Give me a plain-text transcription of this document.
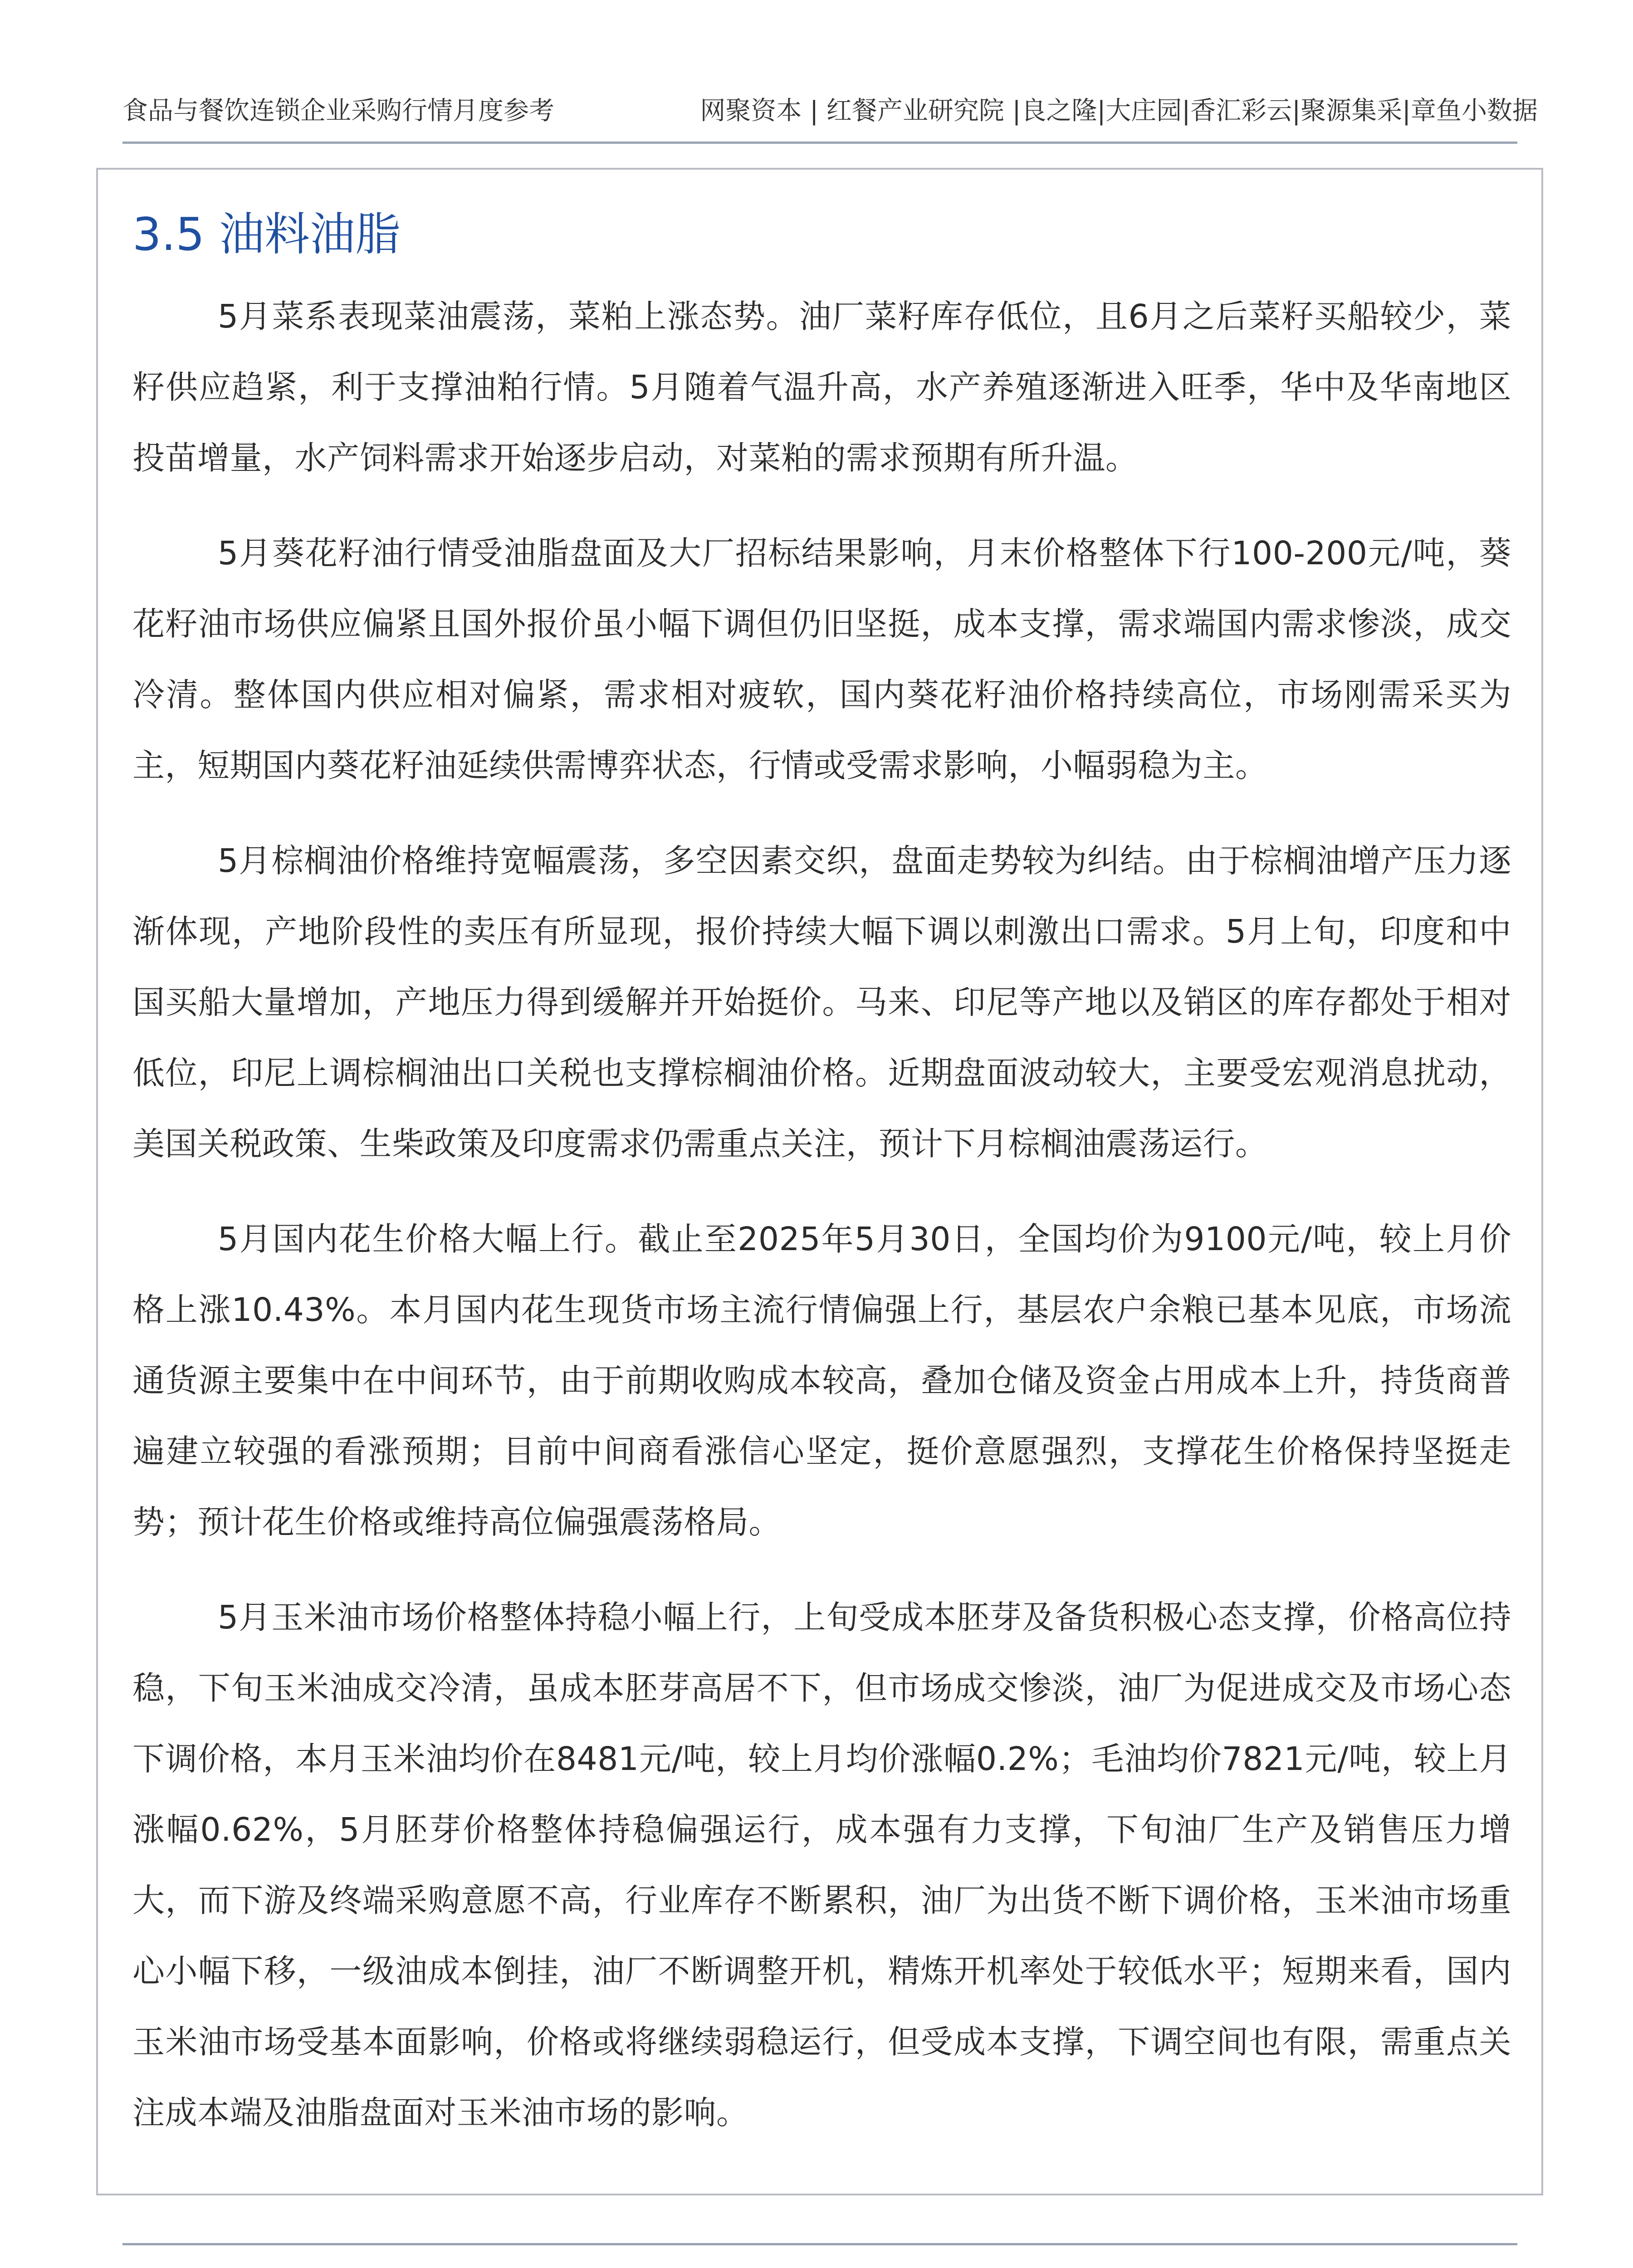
食品与餐饮连锁企业采购行情月度参考	网聚资本 | 红餐产业研究院 |良之隆|大庄园|香汇彩云|聚源集采|章鱼小数据
3.5 油料油脂

5月菜系表现菜油震荡，菜粕上涨态势。油厂菜籽库存低位，且6月之后菜籽买船较少，菜籽供应趋紧，利于支撑油粕行情。5月随着气温升高，水产养殖逐渐进入旺季，华中及华南地区投苗增量，水产饲料需求开始逐步启动，对菜粕的需求预期有所升温。

5月葵花籽油行情受油脂盘面及大厂招标结果影响，月末价格整体下行100-200元/吨，葵花籽油市场供应偏紧且国外报价虽小幅下调但仍旧坚挺，成本支撑，需求端国内需求惨淡，成交冷清。整体国内供应相对偏紧，需求相对疲软，国内葵花籽油价格持续高位，市场刚需采买为主，短期国内葵花籽油延续供需博弈状态，行情或受需求影响，小幅弱稳为主。

5月棕榈油价格维持宽幅震荡，多空因素交织，盘面走势较为纠结。由于棕榈油增产压力逐渐体现，产地阶段性的卖压有所显现，报价持续大幅下调以刺激出口需求。5月上旬，印度和中国买船大量增加，产地压力得到缓解并开始挺价。马来、印尼等产地以及销区的库存都处于相对低位，印尼上调棕榈油出口关税也支撑棕榈油价格。近期盘面波动较大，主要受宏观消息扰动，美国关税政策、生柴政策及印度需求仍需重点关注，预计下月棕榈油震荡运行。

5月国内花生价格大幅上行。截止至2025年5月30日，全国均价为9100元/吨，较上月价格上涨10.43%。本月国内花生现货市场主流行情偏强上行，基层农户余粮已基本见底，市场流通货源主要集中在中间环节，由于前期收购成本较高，叠加仓储及资金占用成本上升，持货商普遍建立较强的看涨预期；目前中间商看涨信心坚定，挺价意愿强烈，支撑花生价格保持坚挺走势；预计花生价格或维持高位偏强震荡格局。

5月玉米油市场价格整体持稳小幅上行，上旬受成本胚芽及备货积极心态支撑，价格高位持稳，下旬玉米油成交冷清，虽成本胚芽高居不下，但市场成交惨淡，油厂为促进成交及市场心态下调价格，本月玉米油均价在8481元/吨，较上月均价涨幅0.2%；毛油均价7821元/吨，较上月涨幅0.62%，5月胚芽价格整体持稳偏强运行，成本强有力支撑，下旬油厂生产及销售压力增大，而下游及终端采购意愿不高，行业库存不断累积，油厂为出货不断下调价格，玉米油市场重心小幅下移，一级油成本倒挂，油厂不断调整开机，精炼开机率处于较低水平；短期来看，国内玉米油市场受基本面影响，价格或将继续弱稳运行，但受成本支撑，下调空间也有限，需重点关注成本端及油脂盘面对玉米油市场的影响。
